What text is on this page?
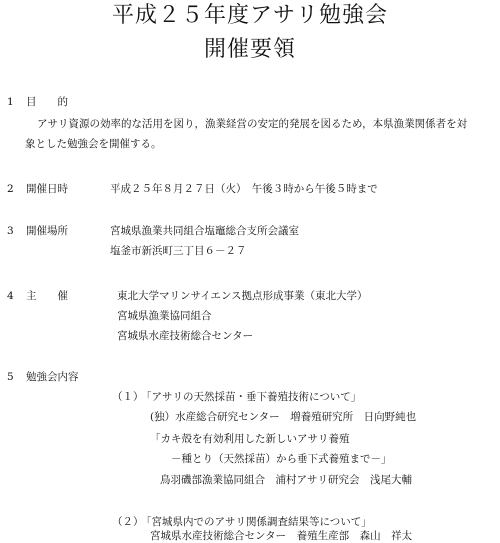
平成２５年度アサリ勉強会
開催要領
1 目　　的
アサリ資源の効率的な活用を図り，漁業経営の安定的発展を図るため，本県漁業関係者を対
象とした勉強会を開催する。
2 開催日時	平成２５年８月２７日（火）　午後３時から午後５時まで
3 開催場所	宮城県漁業共同組合塩竈総合支所会議室
塩釜市新浜町三丁目６－２７
4 主　　催	東北大学マリンサイエンス拠点形成事業（東北大学）
宮城県漁業協同組合
宮城県水産技術総合センター
5 勉強会内容
（１）
「アサリの天然採苗・垂下養殖技術について」
(独）水産総合研究センター　増養殖研究所　日向野純也
「カキ殻を有効利用した新しいアサリ養殖
－種とり（天然採苗）から垂下式養殖まで－」
鳥羽磯部漁業協同組合　浦村アサリ研究会　浅尾大輔
（２）
「宮城県内でのアサリ関係調査結果等について」
宮城県水産技術総合センター　養殖生産部　森山　祥太
